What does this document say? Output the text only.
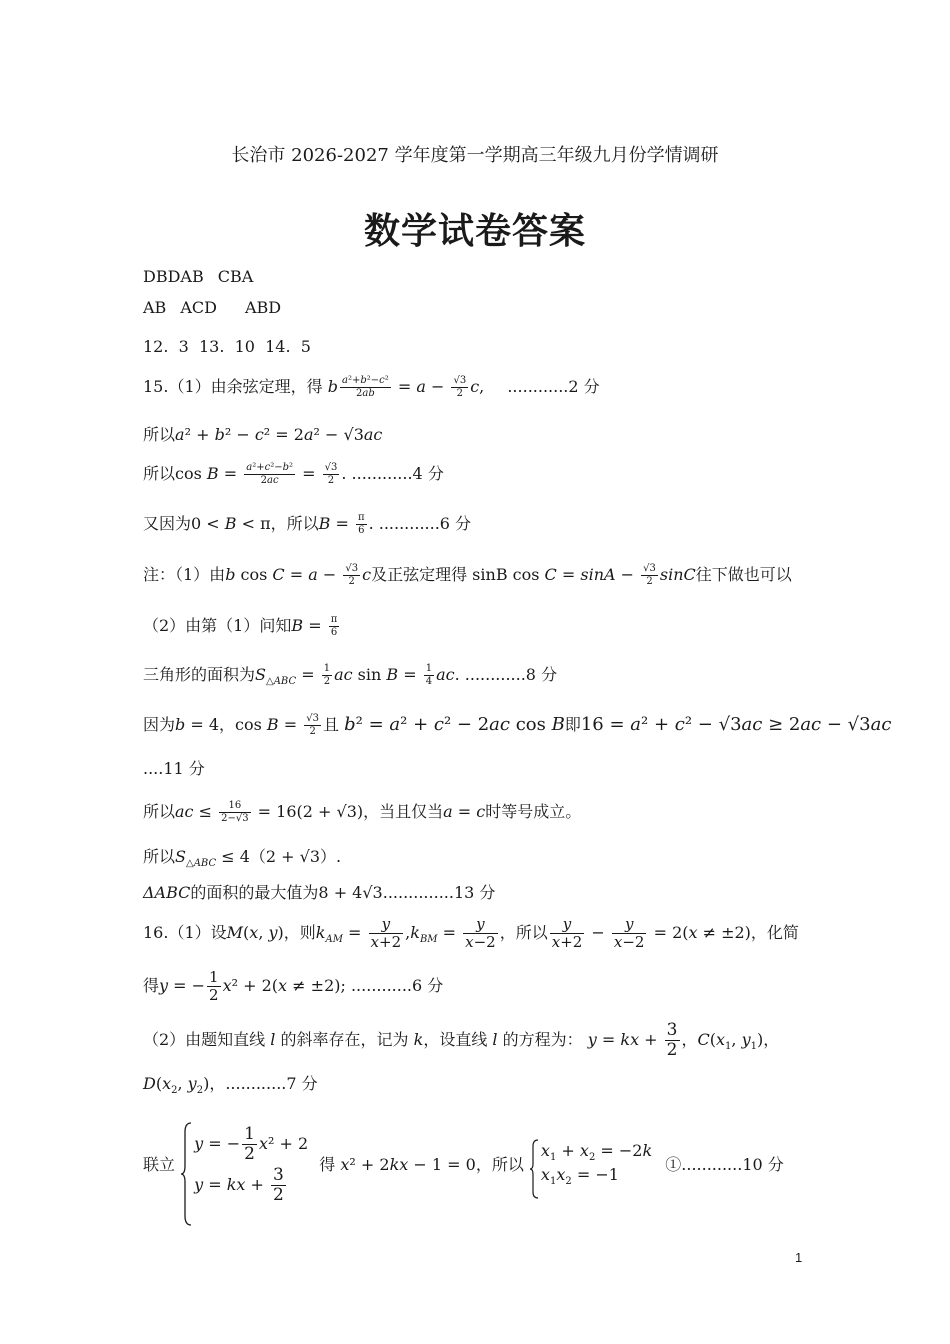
长治市 2026-2027 学年度第一学期高三年级九月份学情调研
数学试卷答案
DBDAB CBA
AB ACD ABD
12.  3  13.  10  14.  5
15.（1）由余弦定理，得 b $\frac{\text{a²+b²−c²}}{2ab} = a - \frac{√3}{2} c$, ............2 分
所以a² + b² − c² = 2a² − √3ac
所以$\cos B = \frac{\text{a²+c²−b²}}{2ac} = \frac{√3}{2}$ . ............4 分
又因为0 < B < π，所以$B = \frac{\pi}{6}$ . ............6 分
注：（1）由b $\cos C = a - \frac{√3}{2}$ c及正弦定理得 sinB $\cos C = \sin A - \frac{√3}{2}$ sinC往下做也可以
（2）由第（1）问知$B = \frac{\pi}{6}$
三角形的面积为$S_{\triangle ABC} = \frac{1}{2}$ ac $\sin B = \frac{1}{4}$ ac. ............8 分
因为b = 4，$\cos B = \frac{√3}{2}$ 且 b² = a² + c² − 2ac cos B即16 = a² + c² − √3ac ≥ 2ac − √3ac
....11 分
所以ac ≤ $\frac{16}{2-√3} = 16(2 + √3)$，当且仅当a = c时等号成立。
所以$S_{\triangle ABC} \le 4(2 + √3)$.
ΔABC的面积的最大值为8 + 4√3..............13 分
16.（1）设M(x, y)，则$k_{AM} = \frac{y}{x+2} ,k_{BM} = \frac{y}{x-2}$ ，所以 $\frac{y}{x+2} - \frac{y}{x-2} = 2(x \ne \pm 2)$，化简
得y = − $\frac{1}{2} x^2 + 2(x \ne \pm 2)$; ............6 分
（2）由题知直线 l 的斜率存在，记为 k，设直线 l 的方程为： y = kx + $\frac{3}{2}$ ，$C(x_1$, $y_1$)，
$D(x_2$, $y_2$)，............7 分
联立
y = − $\frac{1}{2} x^2 + 2$
y = kx + $\frac{3}{2}$
得 x² + 2kx − 1 = 0，所以
$x_1 + x_2 = -2k$
$x_1x_2 = -1$
①............10 分
1
